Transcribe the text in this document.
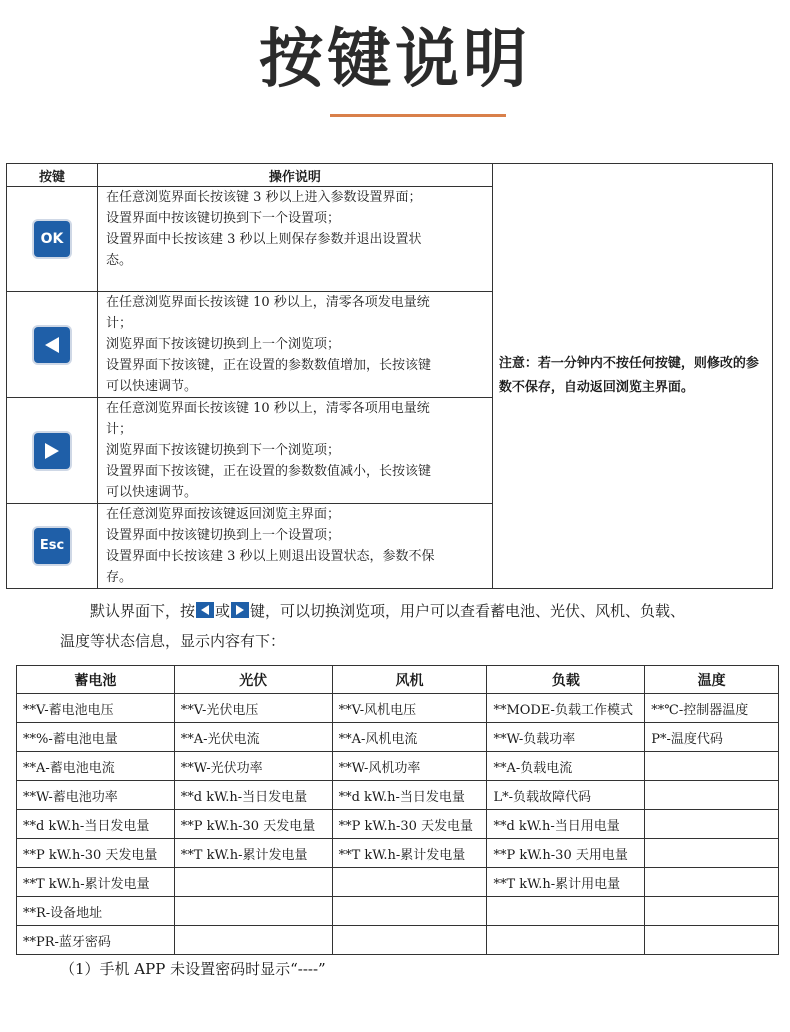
按键说明
按键	操作说明	注意：若一分钟内不按任何按键，则修改的参数不保存，自动返回浏览主界面。
OK	在任意浏览界面长按该键 3 秒以上进入参数设置界面；
设置界面中按该键切换到下一个设置项；
设置界面中长按该建 3 秒以上则保存参数并退出设置状
态。	

在任意浏览界面长按该键 10 秒以上，清零各项发电量统
计；
浏览界面下按该键切换到上一个浏览项；
设置界面下按该键，正在设置的参数数值增加，长按该键
可以快速调节。	

在任意浏览界面长按该键 10 秒以上，清零各项用电量统
计；
浏览界面下按该键切换到下一个浏览项；
设置界面下按该键，正在设置的参数数值减小，长按该键
可以快速调节。	

Esc	在任意浏览界面按该键返回浏览主界面；
设置界面中按该键切换到上一个设置项；
设置界面中长按该建 3 秒以上则退出设置状态，参数不保
存。	

默认界面下，按 或 键，可以切换浏览项，用户可以查看蓄电池、光伏、风机、负载、

温度等状态信息，显示内容有下：

蓄电池	光伏	风机	负载	温度
**V-蓄电池电压	**V-光伏电压	**V-风机电压	**MODE-负载工作模式	**℃-控制器温度
**%-蓄电池电量	**A-光伏电流	**A-风机电流	**W-负载功率	P*-温度代码
**A-蓄电池电流	**W-光伏功率	**W-风机功率	**A-负载电流	
**W-蓄电池功率	**d kW.h-当日发电量	**d kW.h-当日发电量	L*-负载故障代码	
**d kW.h-当日发电量	**P kW.h-30 天发电量	**P kW.h-30 天发电量	**d kW.h-当日用电量	
**P kW.h-30 天发电量	**T kW.h-累计发电量	**T kW.h-累计发电量	**P kW.h-30 天用电量	
**T kW.h-累计发电量			**T kW.h-累计用电量	
**R-设备地址				
**PR-蓝牙密码				
（1）手机 APP 未设置密码时显示“----”
